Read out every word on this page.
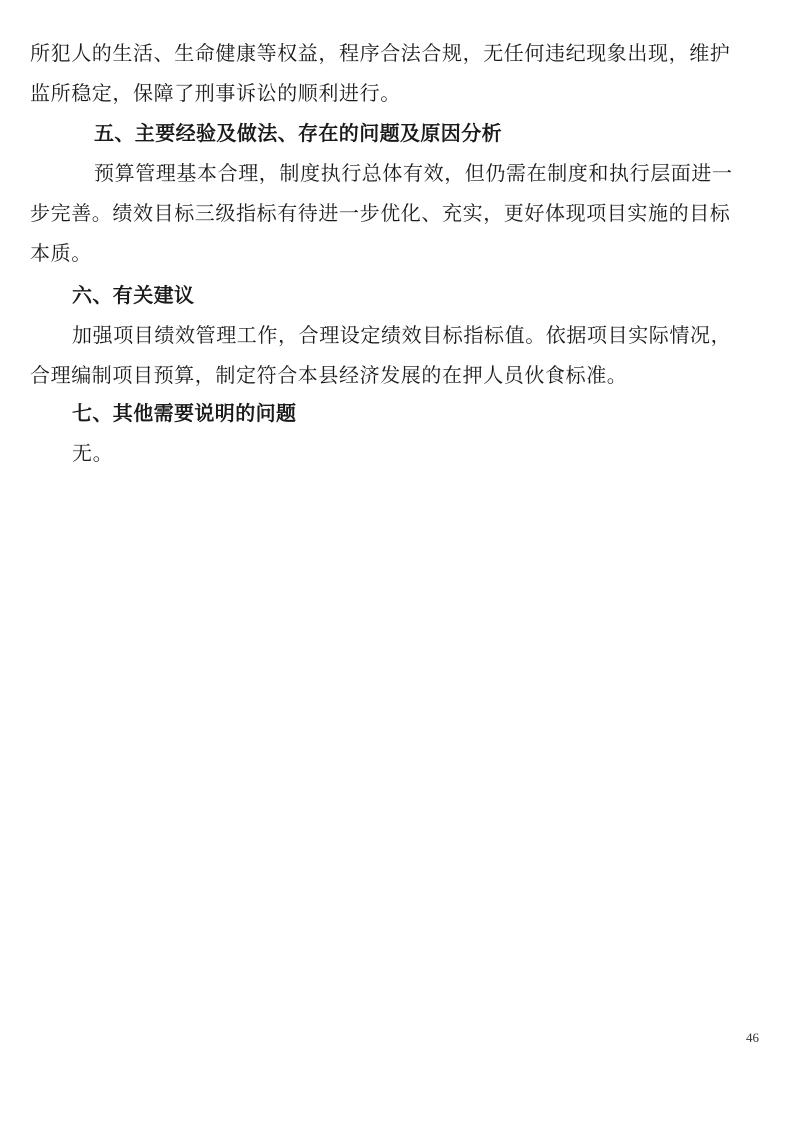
所犯人的生活、生命健康等权益，程序合法合规，无任何违纪现象出现，维护
监所稳定，保障了刑事诉讼的顺利进行。
五、主要经验及做法、存在的问题及原因分析
预算管理基本合理，制度执行总体有效，但仍需在制度和执行层面进一
步完善。绩效目标三级指标有待进一步优化、充实，更好体现项目实施的目标
本质。
六、有关建议
加强项目绩效管理工作，合理设定绩效目标指标值。依据项目实际情况，
合理编制项目预算，制定符合本县经济发展的在押人员伙食标准。
七、其他需要说明的问题
无。
46
